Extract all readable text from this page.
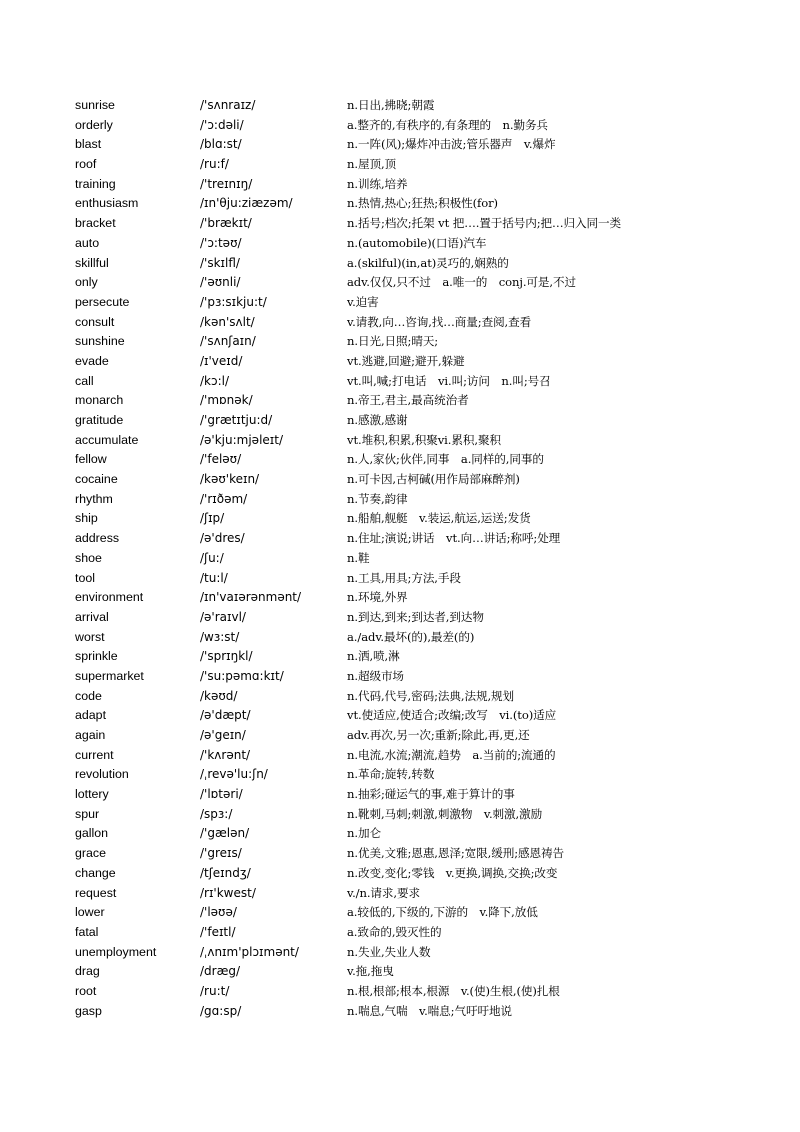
sunrise	/'sʌnraɪz/	n.日出,拂晓;朝霞
orderly	/'ɔ:dəli/	a.整齐的,有秩序的,有条理的　n.勤务兵
blast	/blɑ:st/	n.一阵(风);爆炸冲击波;管乐器声　v.爆炸
roof	/ru:f/	n.屋顶,顶
training	/'treɪnɪŋ/	n.训练,培养
enthusiasm	/ɪn'θju:ziæzəm/	n.热情,热心;狂热;积极性(for)
bracket	/'brækɪt/	n.括号;档次;托架 vt 把….置于括号内;把…归入同一类
auto	/'ɔ:təʊ/	n.(automobile)(口语)汽车
skillful	/'skɪlfl/	a.(skilful)(in,at)灵巧的,娴熟的
only	/'əʊnli/	adv.仅仅,只不过　a.唯一的　conj.可是,不过
persecute	/'pɜ:sɪkju:t/	v.迫害
consult	/kən'sʌlt/	v.请教,向…咨询,找…商量;查阅,查看
sunshine	/'sʌnʃaɪn/	n.日光,日照;晴天;
evade	/ɪ'veɪd/	vt.逃避,回避;避开,躲避
call	/kɔ:l/	vt.叫,喊;打电话　vi.叫;访问　n.叫;号召
monarch	/'mɒnək/	n.帝王,君主,最高统治者
gratitude	/'grætɪtju:d/	n.感激,感谢
accumulate	/ə'kju:mjəleɪt/	vt.堆积,积累,积聚vi.累积,聚积
fellow	/'feləʊ/	n.人,家伙;伙伴,同事　a.同样的,同事的
cocaine	/kəʊ'keɪn/	n.可卡因,古柯碱(用作局部麻醉剂)
rhythm	/'rɪðəm/	n.节奏,韵律
ship	/ʃɪp/	n.船舶,舰艇　v.装运,航运,运送;发货
address	/ə'dres/	n.住址;演说;讲话　vt.向…讲话;称呼;处理
shoe	/ʃu:/	n.鞋
tool	/tu:l/	n.工具,用具;方法,手段
environment	/ɪn'vaɪərənmənt/	n.环境,外界
arrival	/ə'raɪvl/	n.到达,到来;到达者,到达物
worst	/wɜ:st/	a./adv.最坏(的),最差(的)
sprinkle	/'sprɪŋkl/	n.洒,喷,淋
supermarket	/'su:pəmɑ:kɪt/	n.超级市场
code	/kəʊd/	n.代码,代号,密码;法典,法规,规划
adapt	/ə'dæpt/	vt.使适应,使适合;改编;改写　vi.(to)适应
again	/ə'geɪn/	adv.再次,另一次;重新;除此,再,更,还
current	/'kʌrənt/	n.电流,水流;潮流,趋势　a.当前的;流通的
revolution	/ˌrevə'lu:ʃn/	n.革命;旋转,转数
lottery	/'lɒtəri/	n.抽彩;碰运气的事,难于算计的事
spur	/spɜ:/	n.靴刺,马刺;刺激,刺激物　v.刺激,激励
gallon	/'gælən/	n.加仑
grace	/'greɪs/	n.优美,文雅;恩惠,恩泽;宽限,缓刑;感恩祷告
change	/tʃeɪndʒ/	n.改变,变化;零钱　v.更换,调换,交换;改变
request	/rɪ'kwest/	v./n.请求,要求
lower	/'ləʊə/	a.较低的,下级的,下游的　v.降下,放低
fatal	/'feɪtl/	a.致命的,毁灭性的
unemployment	/ˌʌnɪm'plɔɪmənt/	n.失业,失业人数
drag	/dræg/	v.拖,拖曳
root	/ru:t/	n.根,根部;根本,根源　v.(使)生根,(使)扎根
gasp	/gɑ:sp/	n.喘息,气喘　v.喘息;气吁吁地说
